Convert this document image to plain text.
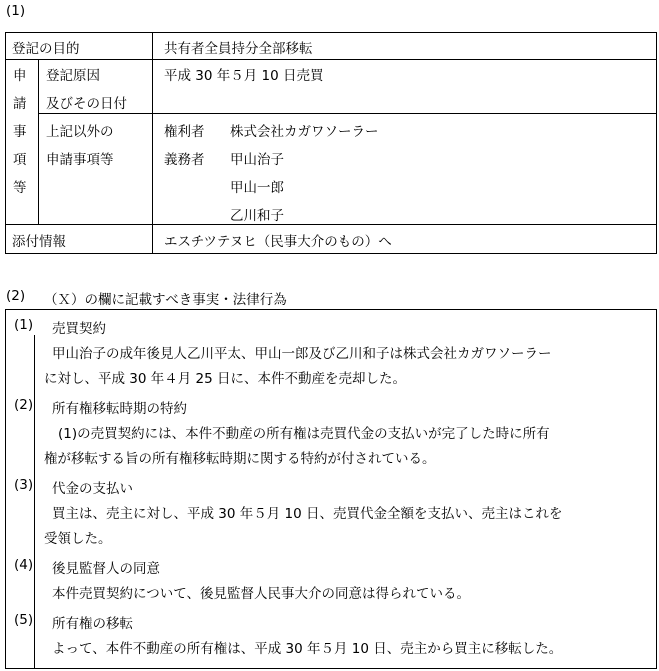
(1)
登記の目的	共有者全員持分全部移転
申
請
事
項
等
登記原因
及びその日付
平成 30 年５月 10 日売買
上記以外の
申請事項等
権利者 株式会社カガワソーラー
義務者 甲山治子
甲山一郎
乙川和子
添付情報	エスチツテヌヒ（民事大介のもの）へ
(2) （Ｘ）の欄に記載すべき事実・法律行為
(1) 売買契約
甲山治子の成年後見人乙川平太、甲山一郎及び乙川和子は株式会社カガワソーラー
に対し、平成 30 年４月 25 日に、本件不動産を売却した。
(2) 所有権移転時期の特約
(1)の売買契約には、本件不動産の所有権は売買代金の支払いが完了した時に所有
権が移転する旨の所有権移転時期に関する特約が付されている。
(3) 代金の支払い
買主は、売主に対し、平成 30 年５月 10 日、売買代金全額を支払い、売主はこれを
受領した。
(4) 後見監督人の同意
本件売買契約について、後見監督人民事大介の同意は得られている。
(5) 所有権の移転
よって、本件不動産の所有権は、平成 30 年５月 10 日、売主から買主に移転した。
